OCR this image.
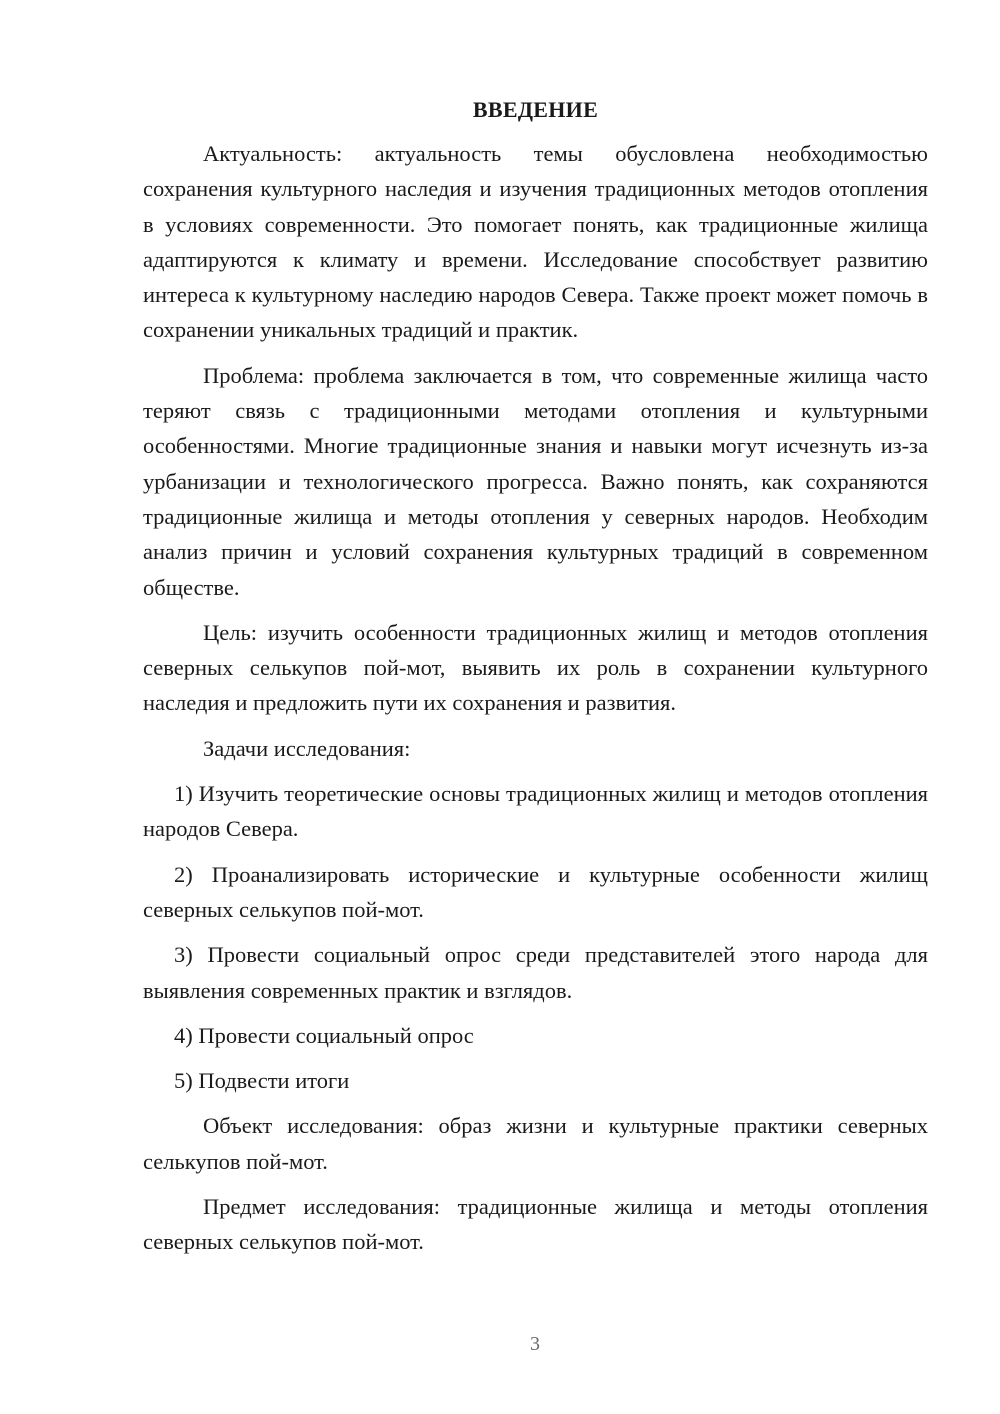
ВВЕДЕНИЕ

Актуальность: актуальность темы обусловлена необходимостью сохранения культурного наследия и изучения традиционных методов отопления в условиях современности. Это помогает понять, как традиционные жилища адаптируются к климату и времени. Исследование способствует развитию интереса к культурному наследию народов Севера. Также проект может помочь в сохранении уникальных традиций и практик.

Проблема: проблема заключается в том, что современные жилища часто теряют связь с традиционными методами отопления и культурными особенностями. Многие традиционные знания и навыки могут исчезнуть из-за урбанизации и технологического прогресса. Важно понять, как сохраняются традиционные жилища и методы отопления у северных народов. Необходим анализ причин и условий сохранения культурных традиций в современном обществе.

Цель: изучить особенности традиционных жилищ и методов отопления северных селькупов пой-мот, выявить их роль в сохранении культурного наследия и предложить пути их сохранения и развития.

Задачи исследования:

1) Изучить теоретические основы традиционных жилищ и методов отопления народов Севера.

2) Проанализировать исторические и культурные особенности жилищ северных селькупов пой-мот.

3) Провести социальный опрос среди представителей этого народа для выявления современных практик и взглядов.

4) Провести социальный опрос

5) Подвести итоги

Объект исследования: образ жизни и культурные практики северных селькупов пой-мот.

Предмет исследования: традиционные жилища и методы отопления северных селькупов пой-мот.

3
